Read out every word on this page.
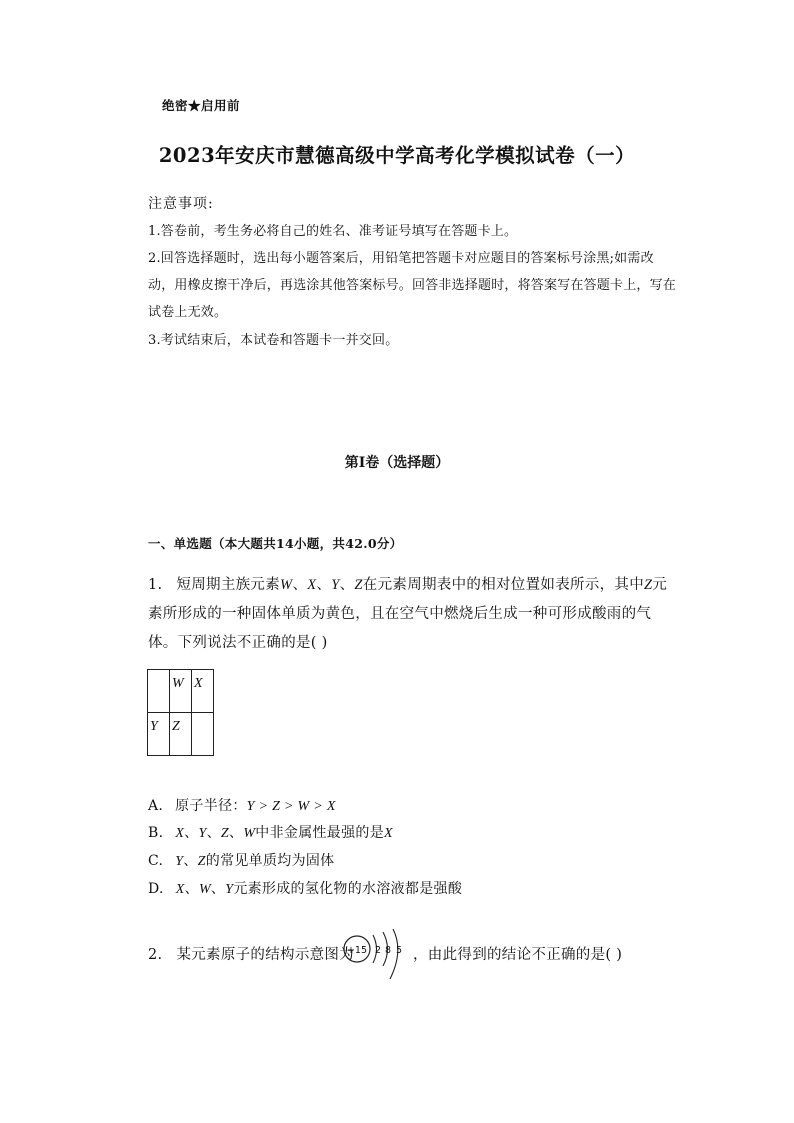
绝密★启用前
2023年安庆市慧德高级中学高考化学模拟试卷（一）
注意事项:
1.答卷前，考生务必将自己的姓名、准考证号填写在答题卡上。
2.回答选择题时，选出每小题答案后，用铅笔把答题卡对应题目的答案标号涂黑;如需改动，用橡皮擦干净后，再选涂其他答案标号。回答非选择题时，将答案写在答题卡上，写在试卷上无效。
3.考试结束后，本试卷和答题卡一并交回。
第I卷（选择题）
一、单选题（本大题共14小题，共42.0分）
1. 短周期主族元素W、X、Y、Z在元素周期表中的相对位置如表所示，其中Z元素所形成的一种固体单质为黄色，且在空气中燃烧后生成一种可形成酸雨的气体。下列说法不正确的是( )
	W	X
Y	Z	
A. 原子半径：Y > Z > W > X
B. X、Y、Z、W中非金属性最强的是X
C. Y、Z的常见单质均为固体
D. X、W、Y元素形成的氢化物的水溶液都是强酸
2. 某元素原子的结构示意图为
+15 2 8 5 ，由此得到的结论不正确的是( )
